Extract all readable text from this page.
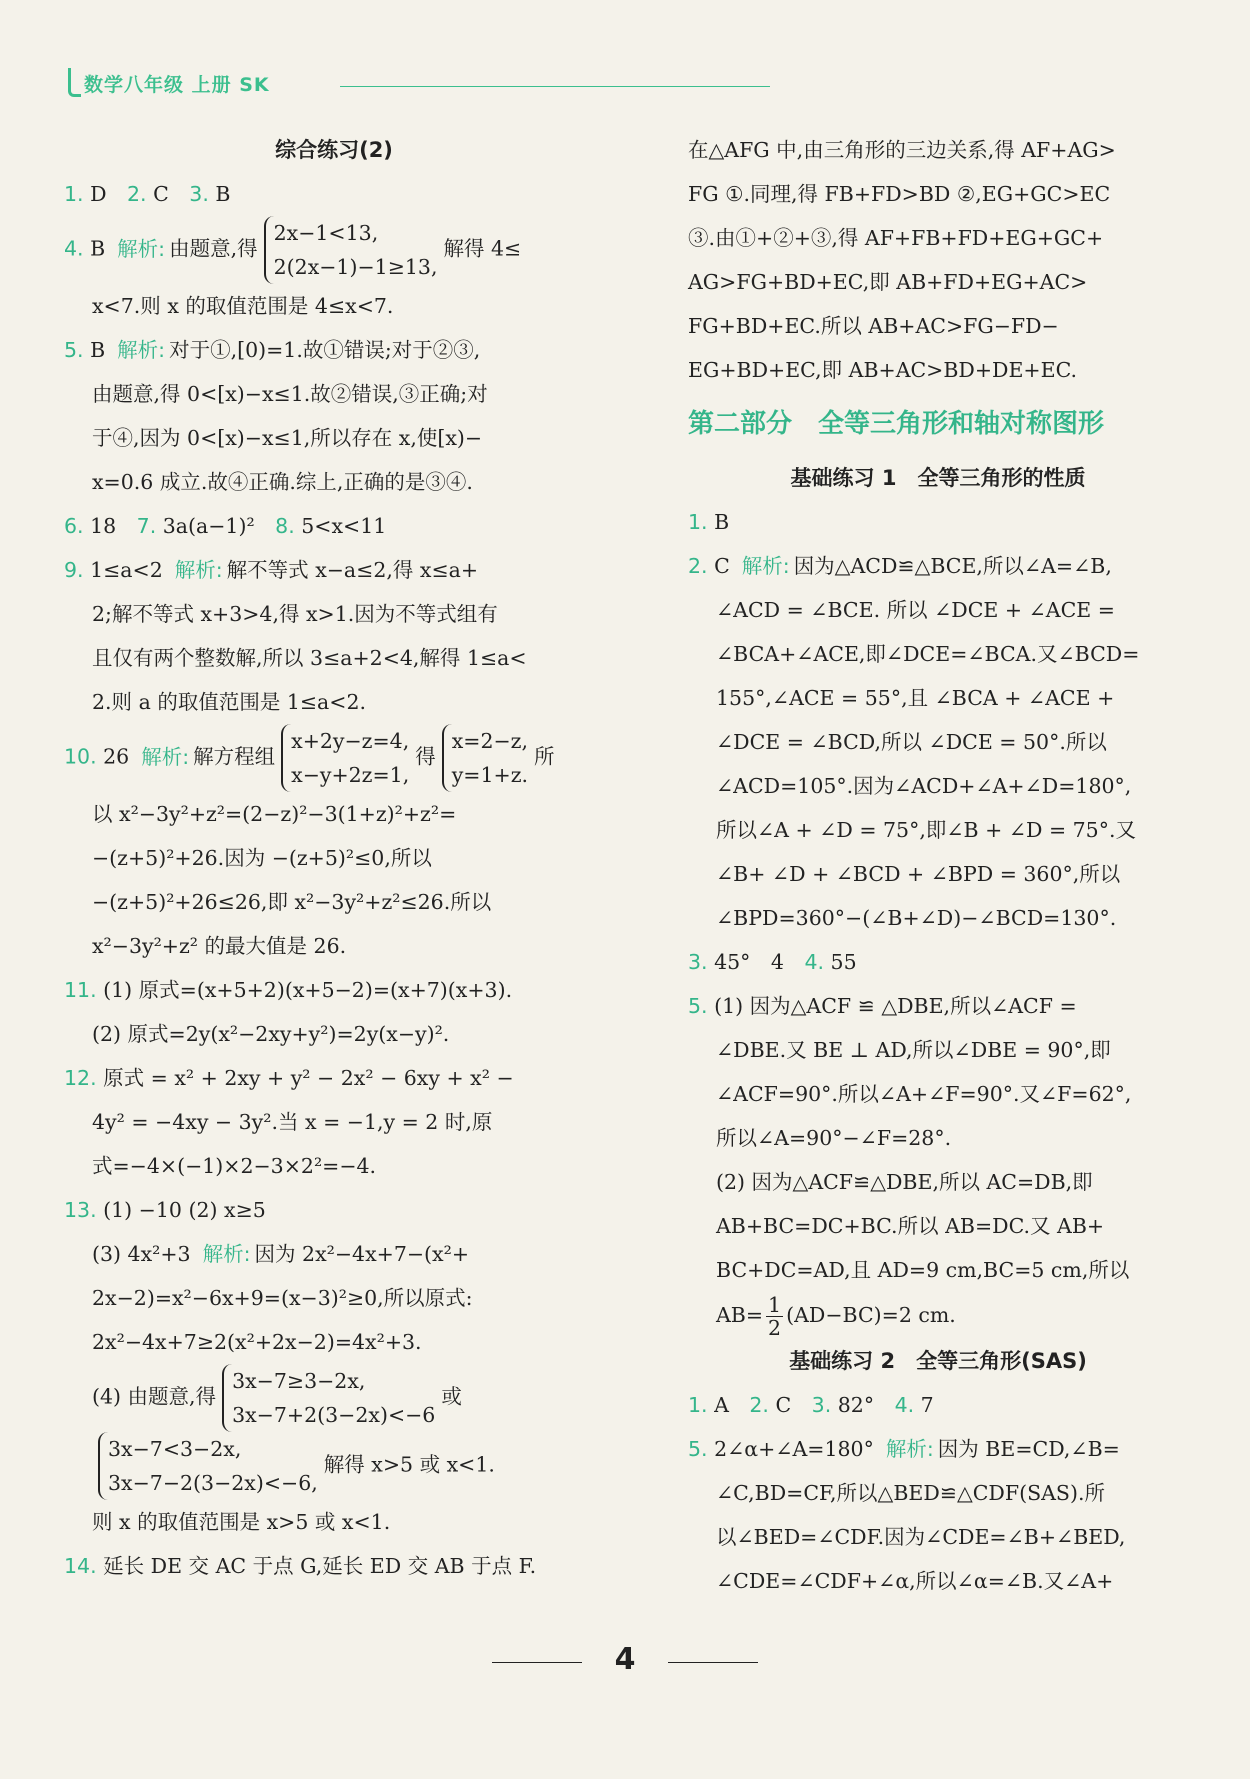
数学八年级 上册 SK
综合练习(2)
1. D　 2. C　 3. B
4. B 解析: 由题意,得
2x−1<13,
2(2x−1)−1≥13,
解得 4≤
x<7.则 x 的取值范围是 4≤x<7.
5. B 解析: 对于①,[0)=1.故①错误;对于②③,
由题意,得 0<[x)−x≤1.故②错误,③正确;对
于④,因为 0<[x)−x≤1,所以存在 x,使[x)−
x=0.6 成立.故④正确.综上,正确的是③④.
6. 18　 7. 3a(a−1)²　 8. 5<x<11
9. 1≤a<2 解析: 解不等式 x−a≤2,得 x≤a+
2;解不等式 x+3>4,得 x>1.因为不等式组有
且仅有两个整数解,所以 3≤a+2<4,解得 1≤a<
2.则 a 的取值范围是 1≤a<2.
10. 26 解析: 解方程组
x+2y−z=4,
x−y+2z=1,
得
x=2−z,
y=1+z.
所
以 x²−3y²+z²=(2−z)²−3(1+z)²+z²=
−(z+5)²+26.因为 −(z+5)²≤0,所以
−(z+5)²+26≤26,即 x²−3y²+z²≤26.所以
x²−3y²+z² 的最大值是 26.
11. (1) 原式=(x+5+2)(x+5−2)=(x+7)(x+3).
(2) 原式=2y(x²−2xy+y²)=2y(x−y)².
12. 原式 = x² + 2xy + y² − 2x² − 6xy + x² −
4y² = −4xy − 3y².当 x = −1,y = 2 时,原
式=−4×(−1)×2−3×2²=−4.
13. (1) −10 (2) x≥5
(3) 4x²+3 解析: 因为 2x²−4x+7−(x²+
2x−2)=x²−6x+9=(x−3)²≥0,所以原式:
2x²−4x+7≥2(x²+2x−2)=4x²+3.
(4) 由题意,得
3x−7≥3−2x,
3x−7+2(3−2x)<−6
或
3x−7<3−2x,
3x−7−2(3−2x)<−6,
解得 x>5 或 x<1.
则 x 的取值范围是 x>5 或 x<1.
14. 延长 DE 交 AC 于点 G,延长 ED 交 AB 于点 F.
在△AFG 中,由三角形的三边关系,得 AF+AG>
FG ①.同理,得 FB+FD>BD ②,EG+GC>EC
③.由①+②+③,得 AF+FB+FD+EG+GC+
AG>FG+BD+EC,即 AB+FD+EG+AC>
FG+BD+EC.所以 AB+AC>FG−FD−
EG+BD+EC,即 AB+AC>BD+DE+EC.
第二部分　全等三角形和轴对称图形
基础练习 1　全等三角形的性质
1. B
2. C 解析: 因为△ACD≌△BCE,所以∠A=∠B,
∠ACD = ∠BCE. 所以 ∠DCE + ∠ACE =
∠BCA+∠ACE,即∠DCE=∠BCA.又∠BCD=
155°,∠ACE = 55°,且 ∠BCA + ∠ACE +
∠DCE = ∠BCD,所以 ∠DCE = 50°.所以
∠ACD=105°.因为∠ACD+∠A+∠D=180°,
所以∠A + ∠D = 75°,即∠B + ∠D = 75°.又
∠B+ ∠D + ∠BCD + ∠BPD = 360°,所以
∠BPD=360°−(∠B+∠D)−∠BCD=130°.
3. 45°　4　 4. 55
5. (1) 因为△ACF ≌ △DBE,所以∠ACF =
∠DBE.又 BE ⊥ AD,所以∠DBE = 90°,即
∠ACF=90°.所以∠A+∠F=90°.又∠F=62°,
所以∠A=90°−∠F=28°.
(2) 因为△ACF≌△DBE,所以 AC=DB,即
AB+BC=DC+BC.所以 AB=DC.又 AB+
BC+DC=AD,且 AD=9 cm,BC=5 cm,所以
$AB= \frac{1}{2} (AD-BC)=2$ cm.
基础练习 2　全等三角形(SAS)
1. A　 2. C　 3. 82°　 4. 7
5. 2∠α+∠A=180° 解析: 因为 BE=CD,∠B=
∠C,BD=CF,所以△BED≌△CDF(SAS).所
以∠BED=∠CDF.因为∠CDE=∠B+∠BED,
∠CDE=∠CDF+∠α,所以∠α=∠B.又∠A+
4
